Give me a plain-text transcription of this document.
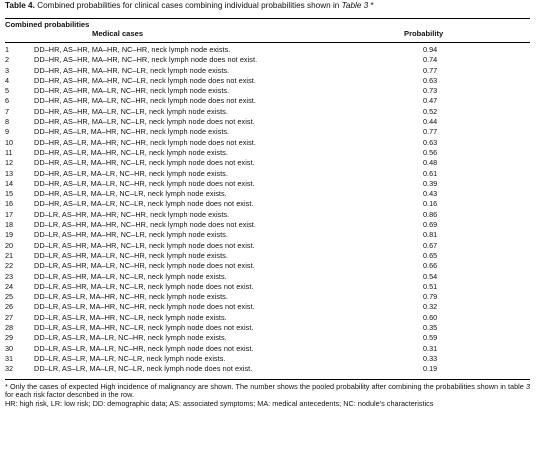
Table 4. Combined probabilities for clinical cases combining individual probabilities shown in Table 3 *
Combined probabilities
Medical cases	Probability
1	DD–HR, AS–HR, MA–HR, NC–HR, neck lymph node exists.	0.94
2	DD–HR, AS–HR, MA–HR, NC–HR, neck lymph node does not exist.	0.74
3	DD–HR, AS–HR, MA–HR, NC–LR, neck lymph node exists.	0.77
4	DD–HR, AS–HR, MA–HR, NC–LR, neck lymph node does not exist.	0.63
5	DD–HR, AS–HR, MA–LR, NC–HR, neck lymph node exists.	0.73
6	DD–HR, AS–HR, MA–LR, NC–HR, neck lymph node does not exist.	0.47
7	DD–HR, AS–HR, MA–LR, NC–LR, neck lymph node exists.	0.52
8	DD–HR, AS–HR, MA–LR, NC–LR, neck lymph node does not exist.	0.44
9	DD–HR, AS–LR, MA–HR, NC–HR, neck lymph node exists.	0.77
10	DD–HR, AS–LR, MA–HR, NC–HR, neck lymph node does not exist.	0.63
11	DD–HR, AS–LR, MA–HR, NC–LR, neck lymph node exists.	0.56
12	DD–HR, AS–LR, MA–HR, NC–LR, neck lymph node does not exist.	0.48
13	DD–HR, AS–LR, MA–LR, NC–HR, neck lymph node exists.	0.61
14	DD–HR, AS–LR, MA–LR, NC–HR, neck lymph node does not exist.	0.39
15	DD–HR, AS–LR, MA–LR, NC–LR, neck lymph node exists.	0.43
16	DD–HR, AS–LR, MA–LR, NC–LR, neck lymph node does not exist.	0.16
17	DD–LR, AS–HR, MA–HR, NC–HR, neck lymph node exists.	0.86
18	DD–LR, AS–HR, MA–HR, NC–HR, neck lymph node does not exist.	0.69
19	DD–LR, AS–HR, MA–HR, NC–LR, neck lymph node exists.	0.81
20	DD–LR, AS–HR, MA–HR, NC–LR, neck lymph node does not exist.	0.67
21	DD–LR, AS–HR, MA–LR, NC–HR, neck lymph node exists.	0.65
22	DD–LR, AS–HR, MA–LR, NC–HR, neck lymph node does not exist.	0.66
23	DD–LR, AS–HR, MA–LR, NC–LR, neck lymph node exists.	0.54
24	DD–LR, AS–HR, MA–LR, NC–LR, neck lymph node does not exist.	0.51
25	DD–LR, AS–LR, MA–HR, NC–HR, neck lymph node exists.	0.79
26	DD–LR, AS–LR, MA–HR, NC–HR, neck lymph node does not exist.	0.32
27	DD–LR, AS–LR, MA–HR, NC–LR, neck lymph node exists.	0.60
28	DD–LR, AS–LR, MA–HR, NC–LR, neck lymph node does not exist.	0.35
29	DD–LR, AS–LR, MA–LR, NC–HR, neck lymph node exists.	0.59
30	DD–LR, AS–LR, MA–LR, NC–HR, neck lymph node does not exist.	0.31
31	DD–LR, AS–LR, MA–LR, NC–LR, neck lymph node exists.	0.33
32	DD–LR, AS–LR, MA–LR, NC–LR, neck lymph node does not exist.	0.19
* Only the cases of expected High incidence of malignancy are shown. The number shows the pooled probability after combining the probabilities shown in table 3 for each risk factor described in the row.
HR: high risk, LR: low risk; DD: demographic data; AS: associated symptoms; MA: medical antecedents; NC: nodule's characteristics
